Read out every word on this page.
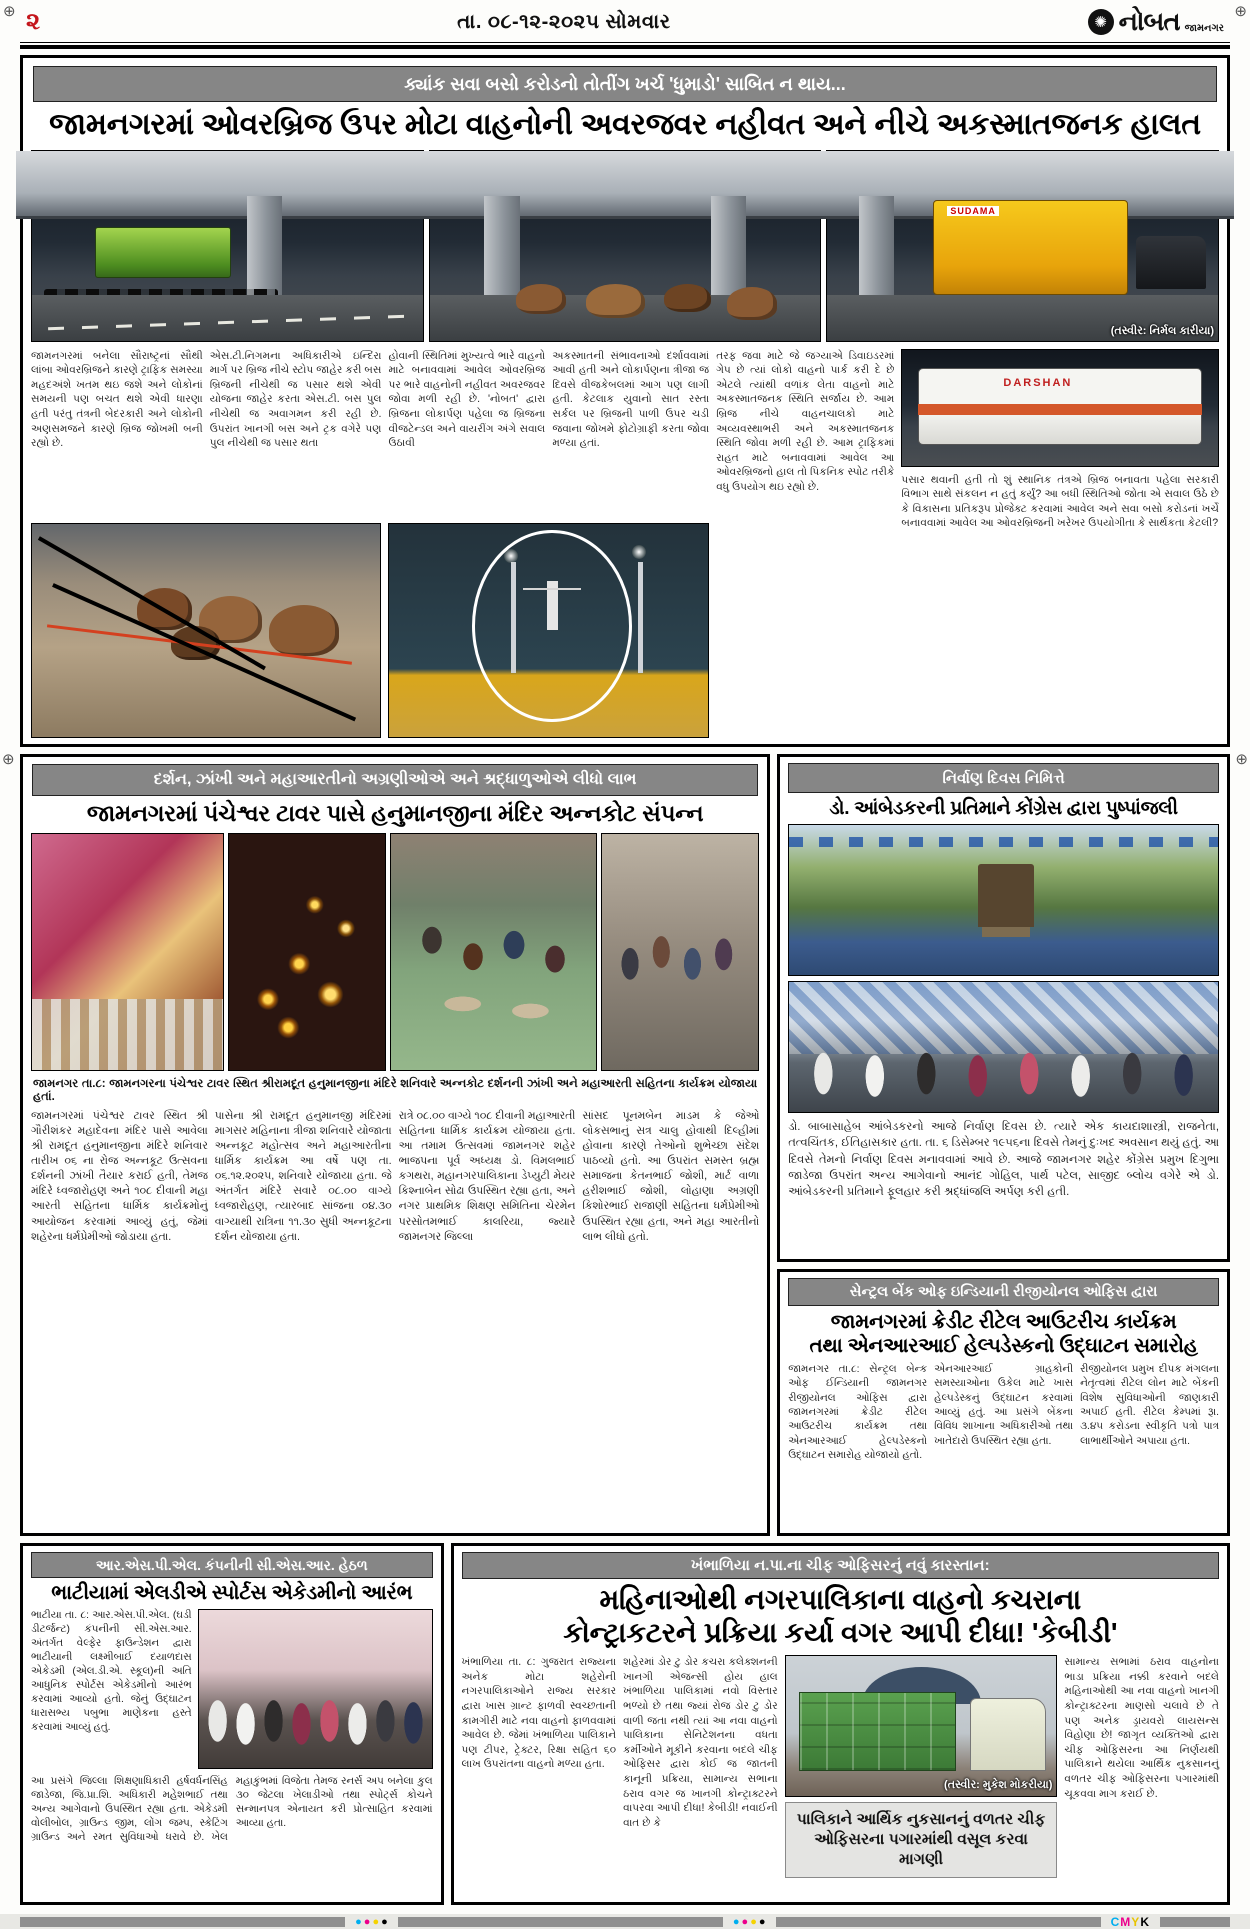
⊕	⊕
⊕	⊕
૨	તા. ૦૮-૧૨-૨૦૨૫ સોમવાર	✺ નોબત જામનગર
ક્યાંક સવા બસો કરોડનો તોતીંગ ખર્ચ 'ધુમાડો' સાબિત ન થાય...
જામનગરમાં ઓવરબ્રિજ ઉપર મોટા વાહનોની અવરજવર નહીવત અને નીચે અકસ્માતજનક હાલત
SUDAMA
(તસ્વીર: નિર્મલ કારીયા)
જામનગરમાં બનેલા સૌરાષ્ટ્રનાં સૌથી લાંબા ઓવરબ્રિજને કારણે ટ્રાફિક સમસ્યા મહદઅંશે ખતમ થઇ જશે અને લોકોનાં સમયની પણ બચત થશે એવી ધારણા હતી પરંતુ તંત્રની બેદરકારી અને લોકોની અણસમજને કારણે બ્રિજ જોખમી બની રહ્યો છે.
એસ.ટી.નિગમના અધિકારીએ ઇન્દિરા માર્ગ પર બ્રિજ નીચે સ્ટોપ જાહેર કરી બસ બ્રિજની નીચેથી જ પસાર થશે એવી યોજના જાહેર કરતા એસ.ટી. બસ પુલ નીચેથી જ અવાગમન કરી રહી છે. ઉપરાંત ખાનગી બસ અને ટ્રક વગેરે પણ પુલ નીચેથી જ પસાર થતા
હોવાની સ્થિતિમાં મુખ્યત્વે ભારે વાહનો માટે બનાવવામાં આવેલ ઓવરબ્રિજ પર ભારે વાહનોની નહીવત અવરજવર જોવા મળી રહી છે. 'નોબત' દ્વારા બ્રિજના લોકાર્પણ પહેલા જ બ્રિજના વીજટેન્ડલ અને વાયરીંગ અંગે સવાલ ઉઠાવી
અકસ્માતની સંભાવનાઓ દર્શાવવામાં આવી હતી અને લોકાર્પણના ત્રીજા જ દિવસે વીજકેબલમાં આગ પણ લાગી હતી. કેટલાક યુવાનો સાત રસ્તા સર્કલ પર બ્રિજની પાળી ઉપર ચડી જવાના જોખમે ફોટોગ્રાફી કરતા જોવા મળ્યા હતાં.
તરફ જવા માટે જે જગ્યાએ ડિવાઇડરમાં ગેપ છે ત્યાં લોકો વાહનો પાર્ક કરી દે છે એટલે ત્યાંથી વળાંક લેતા વાહનો માટે અકસ્માતજનક સ્થિતિ સર્જાય છે. આમ બ્રિજ નીચે વાહનચાલકો માટે અવ્યવસ્થાભરી અને અકસ્માતજનક સ્થિતિ જોવા મળી રહી છે. આમ ટ્રાફિકમાં રાહત માટે બનાવવામાં આવેલ આ ઓવરબ્રિજનો હાલ તો પિકનિક સ્પોટ તરીકે વધુ ઉપયોગ થઇ રહ્યો છે.
DARSHAN
પસાર થવાની હતી તો શું સ્થાનિક તંત્રએ બ્રિજ બનાવતા પહેલા સરકારી વિભાગ સાથે સંકલન ન હતું કર્યું? આ બધી સ્થિતિઓ જોતા એ સવાલ ઉઠે છે કે વિકાસના પ્રતિકરૂપ પ્રોજેક્ટ કરવામાં આવેલ અને સવા બસો કરોડનાં ખર્ચે બનાવવામાં આવેલ આ ઓવરબ્રિજની ખરેખર ઉપયોગીતા કે સાર્થકતા કેટલી?
દર્શન, ઝાંખી અને મહાઆરતીનો અગ્રણીઓએ અને શ્રદ્ધાળુઓએ લીધો લાભ
જામનગરમાં પંચેશ્વર ટાવર પાસે હનુમાનજીના મંદિર અન્નકોટ સંપન્ન
જામનગર તા.૮: જામનગરના પંચેશ્વર ટાવર સ્થિત શ્રીરામદૂત હનુમાનજીના મંદિરે શનિવારે અન્નકોટ દર્શનની ઝાંખી અને મહાઆરતી સહિતના કાર્યક્રમ યોજાયા હતાં.
જામનગરમાં પંચેશ્વર ટાવર સ્થિત શ્રી ગૌરીશંકર મહાદેવના મંદિર પાસે આવેલા શ્રી રામદૂત હનુમાનજીના મંદિરે શનિવાર તારીખ ૦૬ ના રોજ અન્નકૂટ ઉત્સવના દર્શનની ઝાંખી તૈયાર કરાઈ હતી, તેમજ મંદિરે ધ્વજારોહણ અને ૧૦૮ દીવાની મહા આરતી સહિતના ધાર્મિક કાર્યક્રમોનું આયોજન કરવામાં આવ્યું હતું, જેમાં શહેરના ધર્મપ્રેમીઓ જોડાયા હતા.
પાસેના શ્રી રામદૂત હનુમાનજી મંદિરમાં માગસર મહિનાના ત્રીજા શનિવારે યોજાતા અન્નકૂટ મહોત્સવ અને મહાઆરતીના ધાર્મિક કાર્યક્રમ આ વર્ષે પણ તા. ૦૬.૧૨.૨૦૨૫, શનિવારે યોજાયા હતા. જે અંતર્ગત મંદિરે સવારે ૦૮.૦૦ વાગ્યે ધ્વજારોહણ, ત્યારબાદ સાંજના ૦૪.૩૦ વાગ્યાથી રાત્રિના ૧૧.૩૦ સુધી અન્નકૂટના દર્શન યોજાયા હતા.
રાત્રે ૦૮.૦૦ વાગ્યે ૧૦૮ દીવાની મહાઆરતી સહિતના ધાર્મિક કાર્યક્રમ યોજાયા હતા. આ તમામ ઉત્સવમાં જામનગર શહેર ભાજપના પૂર્વ અધ્યક્ષ ડો. વિમલભાઈ કગથરા, મહાનગરપાલિકાના ડેપ્યુટી મેયર કિશ્નાબેન સોઢા ઉપસ્થિત રહ્યા હતા, અને નગર પ્રાથમિક શિક્ષણ સમિતિના ચેરમેન પરસોતમભાઈ કાલરિયા, જ્યારે જામનગર જિલ્લા
સાંસદ પૂનમબેન માડમ કે જેઓ લોકસભાનું સત્ર ચાલુ હોવાથી દિલ્હીમાં હોવાના કારણે તેઓનો શુભેચ્છા સંદેશ પાઠવ્યો હતો. આ ઉપરાંત સમસ્ત બ્રહ્મ સમાજના કેતનભાઈ જોશી, માર્ટ વાળા હરીશભાઈ જોશી, લોહાણા અગ્રણી કિશોરભાઈ રાજાણી સહિતના ધર્મપ્રેમીઓ ઉપસ્થિત રહ્યા હતા, અને મહા આરતીનો લાભ લીધો હતો.
નિર્વાણ દિવસ નિમિત્તે
ડો. આંબેડકરની પ્રતિમાને કોંગ્રેસ દ્વારા પુષ્પાંજલી
ડો. બાબાસાહેબ આંબેડકરનો આજે નિર્વાણ દિવસ છે. ત્યારે એક કાયદાશાસ્ત્રી, રાજનેતા, તત્વચિંતક, ઈતિહાસકાર હતા. તા. ૬ ડિસેમ્બર ૧૯૫૬ના દિવસે તેમનું દુઃખદ અવસાન થયું હતું. આ દિવસે તેમનો નિર્વાણ દિવસ મનાવવામાં આવે છે. આજે જામનગર શહેર કોંગ્રેસ પ્રમુખ દિગુભા જાડેજા ઉપરાંત અન્ય આગેવાનો આનંદ ગોહિલ, પાર્થ પટેલ, સાજીદ બ્લોચ વગેરે એ ડો. આંબેડકરની પ્રતિમાને ફૂલહાર કરી શ્રદ્ધાંજલિ અર્પણ કરી હતી.
સેન્ટ્રલ બેંક ઓફ ઇન્ડિયાની રીજીયોનલ ઓફિસ દ્વારા
જામનગરમાં ક્રેડીટ રીટેલ આઉટરીચ કાર્યક્રમ
તથા એનઆરઆઈ હેલ્પડેસ્કનો ઉદ્ઘાટન સમારોહ
જામનગર તા.૮: સેન્ટ્રલ બેન્ક ઓફ ઈન્ડિયાની જામનગર રીજીયોનલ ઓફિસ દ્વારા જામનગરમાં ક્રેડીટ રીટેલ આઉટરીચ કાર્યક્રમ તથા એનઆરઆઈ હેલ્પડેસ્કનો ઉદ્ઘાટન સમારોહ યોજાયો હતો.
એનઆરઆઈ ગ્રાહકોની સમસ્યાઓના ઉકેલ માટે ખાસ હેલ્પડેસ્કનું ઉદ્ઘાટન કરવામાં આવ્યું હતું. આ પ્રસંગે બેંકના વિવિધ શાખાના અધિકારીઓ તથા ખાતેદારો ઉપસ્થિત રહ્યા હતા.
રીજીયોનલ પ્રમુખ દીપક મંગલના નેતૃત્વમાં રીટેલ લોન માટે બેંકની વિશેષ સુવિધાઓની જાણકારી અપાઈ હતી. રીટેલ કેમ્પમાં રૂા. ૩.૪૫ કરોડના સ્વીકૃતિ પત્રો પાત્ર લાભાર્થીઓને અપાયા હતા.
આર.એસ.પી.એલ. કંપનીની સી.એસ.આર. હેઠળ
ભાટીયામાં એલડીએ સ્પોર્ટસ એકેડમીનો આરંભ
ભાટીયા તા. ૮: આર.એસ.પી.એલ. (ઘડી ડીટર્જન્ટ) કંપનીની સી.એસ.આર. અંતર્ગત વેલ્ફેર ફાઉન્ડેશન દ્વારા ભાટીયાની લક્ષ્મીબાઈ દયાળદાસ એકેડમી (એલ.ડી.એ. સ્કૂલ)ની અતિ આધુનિક સ્પોર્ટસ એકેડમીનો આરંભ કરવામાં આવ્યો હતો. જેનું ઉદ્ઘાટન ધારાસભ્ય પબુભા માણેકના હસ્તે કરવામાં આવ્યું હતું.
આ પ્રસંગે જિલ્લા શિક્ષણાધિકારી હર્ષવર્ધનસિંહ જાડેજા, જિ.પ્રા.શિ. અધિકારી મહેશભાઈ તથા અન્ય આગેવાનો ઉપસ્થિત રહ્યા હતા. એકેડમી વોલીબોલ, ગ્રાઉન્ડ જીમ, લોંગ જમ્પ, સ્કેટિંગ ગ્રાઉન્ડ અને રમત સુવિધાઓ ધરાવે છે. ખેલ મહાકુંભમાં વિજેતા તેમજ રનર્સ અપ બનેલા કુલ ૩૦ જેટલા ખેલાડીઓ તથા સ્પોર્ટ્સ કોચને સન્માનપત્ર એનાયત કરી પ્રોત્સાહિત કરવામાં આવ્યા હતા.
ખંભાળિયા ન.પા.ના ચીફ ઓફિસરનું નવું કારસ્તાન:
મહિનાઓથી નગરપાલિકાના વાહનો કચરાના
કોન્ટ્રાકટરને પ્રક્રિયા કર્યા વગર આપી દીધા! 'કેબીડી'
ખંભાળિયા તા. ૮: ગુજરાત રાજ્યના અનેક મોટા શહેરોની નગરપાલિકાઓને રાજ્ય સરકાર દ્વારા ખાસ ગ્રાન્ટ ફાળવી સ્વચ્છતાની કામગીરી માટે નવા વાહનો ફાળવવામાં આવેલ છે. જેમાં ખંભાળિયા પાલિકાને પણ ટીપર, ટ્રેક્ટર, રિક્ષા સહિત ૬૦ લાખ ઉપરાંતના વાહનો મળ્યા હતા.
શહેરમાં ડોર ટુ ડોર કચરા કલેક્શનની ખાનગી એજન્સી હોય હાલ ખંભાળિયા પાલિકામાં નવો વિસ્તાર ભળ્યો છે તથા જ્યાં રોજ ડોર ટુ ડોર વાળી જતા નથી ત્યાં આ નવા વાહનો પાલિકાના સેનિટેશનના વધતા કર્મીઓને મૂકીને કરવાના બદલે ચીફ ઓફિસર દ્વારા કોઈ જ જાતની કાનૂની પ્રક્રિયા, સામાન્ય સભાના ઠરાવ વગર જ ખાનગી કોન્ટ્રાક્ટરને વાપરવા આપી દીધા! કેબીડી! નવાઈની વાત છે કે
(તસ્વીર: મુકેશ મોકરીયા)
પાલિકાને આર્થિક નુકસાનનું વળતર ચીફ ઓફિસરના પગારમાંથી વસૂલ કરવા માગણી
સામાન્ય સભામાં ઠરાવ વાહનોના ભાડા પ્રક્રિયા નક્કી કરવાને બદલે મહિનાઓથી આ નવા વાહનો ખાનગી કોન્ટ્રાક્ટરના માણસો ચલાવે છે તે પણ અનેક ડ્રાયવરો લાયસન્સ વિહોણા છે! જાગૃત વ્યક્તિઓ દ્વારા ચીફ ઓફિસરના આ નિર્ણયથી પાલિકાને થયેલા આર્થિક નુકસાનનું વળતર ચીફ ઓફિસરના પગારમાંથી ચૂકવવા માગ કરાઈ છે.
● ● ● ●	● ● ● ●	CMYK
